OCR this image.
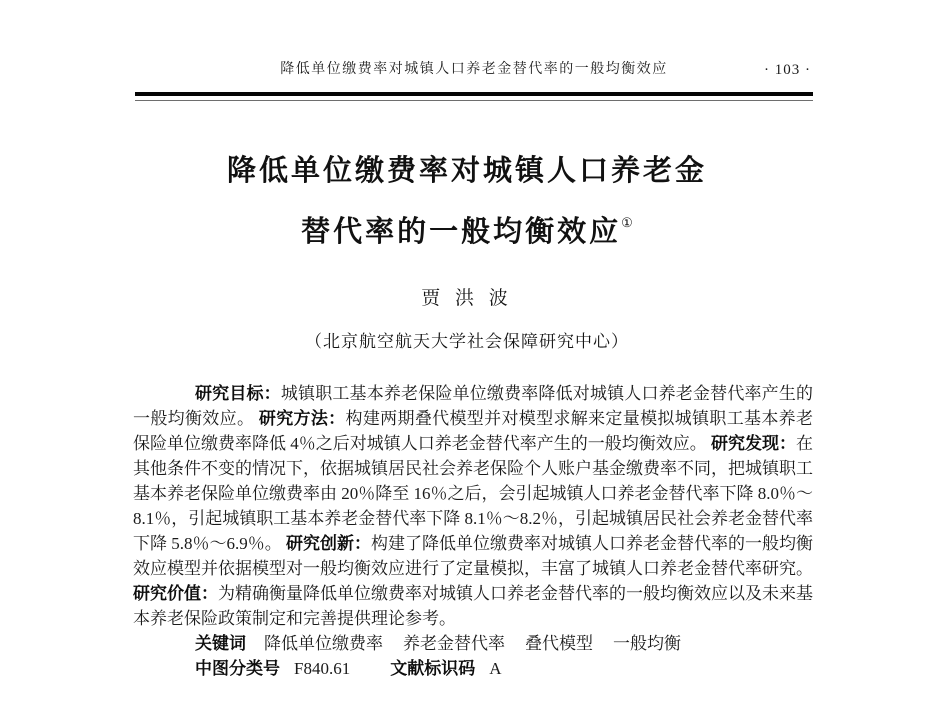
降低单位缴费率对城镇人口养老金替代率的一般均衡效应	· 103 ·
降低单位缴费率对城镇人口养老金
替代率的一般均衡效应①
贾 洪 波
（北京航空航天大学社会保障研究中心）

研究目标：城镇职工基本养老保险单位缴费率降低对城镇人口养老金替代率产生的一般均衡效应。 研究方法：构建两期叠代模型并对模型求解来定量模拟城镇职工基本养老保险单位缴费率降低 4％之后对城镇人口养老金替代率产生的一般均衡效应。 研究发现：在其他条件不变的情况下，依据城镇居民社会养老保险个人账户基金缴费率不同，把城镇职工基本养老保险单位缴费率由 20％降至 16％之后，会引起城镇人口养老金替代率下降 8.0％～8.1％，引起城镇职工基本养老金替代率下降 8.1％～8.2％，引起城镇居民社会养老金替代率下降 5.8％～6.9％。 研究创新：构建了降低单位缴费率对城镇人口养老金替代率的一般均衡效应模型并依据模型对一般均衡效应进行了定量模拟，丰富了城镇人口养老金替代率研究。 研究价值：为精确衡量降低单位缴费率对城镇人口养老金替代率的一般均衡效应以及未来基本养老保险政策制定和完善提供理论参考。

关键词 降低单位缴费率 养老金替代率 叠代模型 一般均衡
中图分类号 F840.61 文献标识码 A
